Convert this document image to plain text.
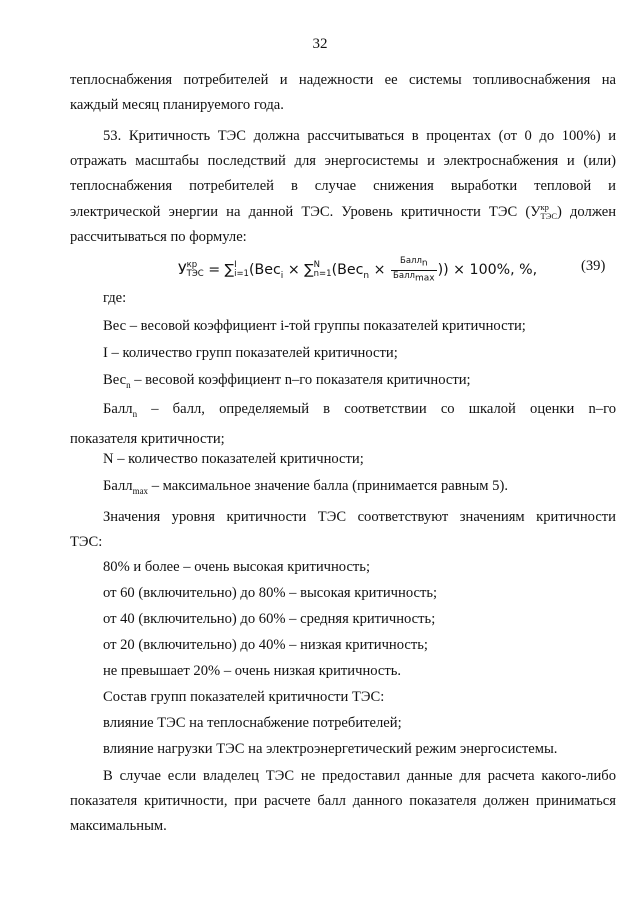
32
теплоснабжения потребителей и надежности ее системы топливоснабжения на
каждый месяц планируемого года.
53. Критичность ТЭС должна рассчитываться в процентах (от 0 до 100%) и
отражать масштабы последствий для энергосистемы и электроснабжения и (или)
теплоснабжения потребителей в случае снижения выработки тепловой и
электрической энергии на данной ТЭС. Уровень критичности ТЭС (У кр
ТЭС ) должен
рассчитываться по формуле:
У кр
ТЭС = ∑ I
i=1 (Вес$_i$ × ∑ N
n=1 ($Вес_n \times \frac{Балл_n}{Балл_{max}}$ )) × 100%, %,	(39)
где:
Вес – весовой коэффициент i-той группы показателей критичности;
I – количество групп показателей критичности;
Вес$_n$ – весовой коэффициент n–го показателя критичности;
Балл$_n$ – балл, определяемый в соответствии со шкалой оценки n–го
показателя критичности;
N – количество показателей критичности;
Балл$_{max}$ – максимальное значение балла (принимается равным 5).
Значения уровня критичности ТЭС соответствуют значениям критичности
ТЭС:
80% и более – очень высокая критичность;
от 60 (включительно) до 80% – высокая критичность;
от 40 (включительно) до 60% – средняя критичность;
от 20 (включительно) до 40% – низкая критичность;
не превышает 20% – очень низкая критичность.
Состав групп показателей критичности ТЭС:
влияние ТЭС на теплоснабжение потребителей;
влияние нагрузки ТЭС на электроэнергетический режим энергосистемы.
В случае если владелец ТЭС не предоставил данные для расчета какого-либо
показателя критичности, при расчете балл данного показателя должен приниматься
максимальным.
